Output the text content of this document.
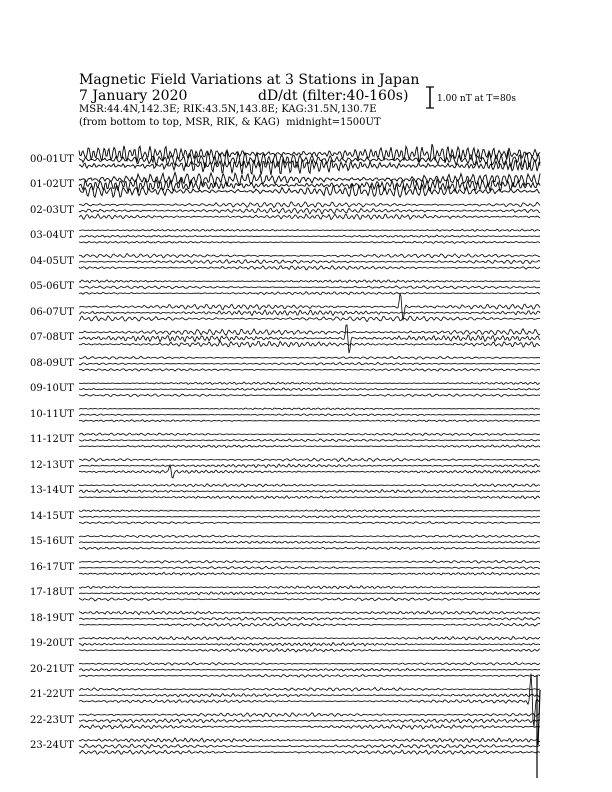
Magnetic Field Variations at 3 Stations in Japan
7 January 2020	dD/dt (filter:40-160s)
MSR:44.4N,142.3E; RIK:43.5N,143.8E; KAG:31.5N,130.7E
(from bottom to top, MSR, RIK, & KAG) midnight=1500UT
1.00 nT at T=80s
00-01UT
01-02UT
02-03UT
03-04UT
04-05UT
05-06UT
06-07UT
07-08UT
08-09UT
09-10UT
10-11UT
11-12UT
12-13UT
13-14UT
14-15UT
15-16UT
16-17UT
17-18UT
18-19UT
19-20UT
20-21UT
21-22UT
22-23UT
23-24UT
